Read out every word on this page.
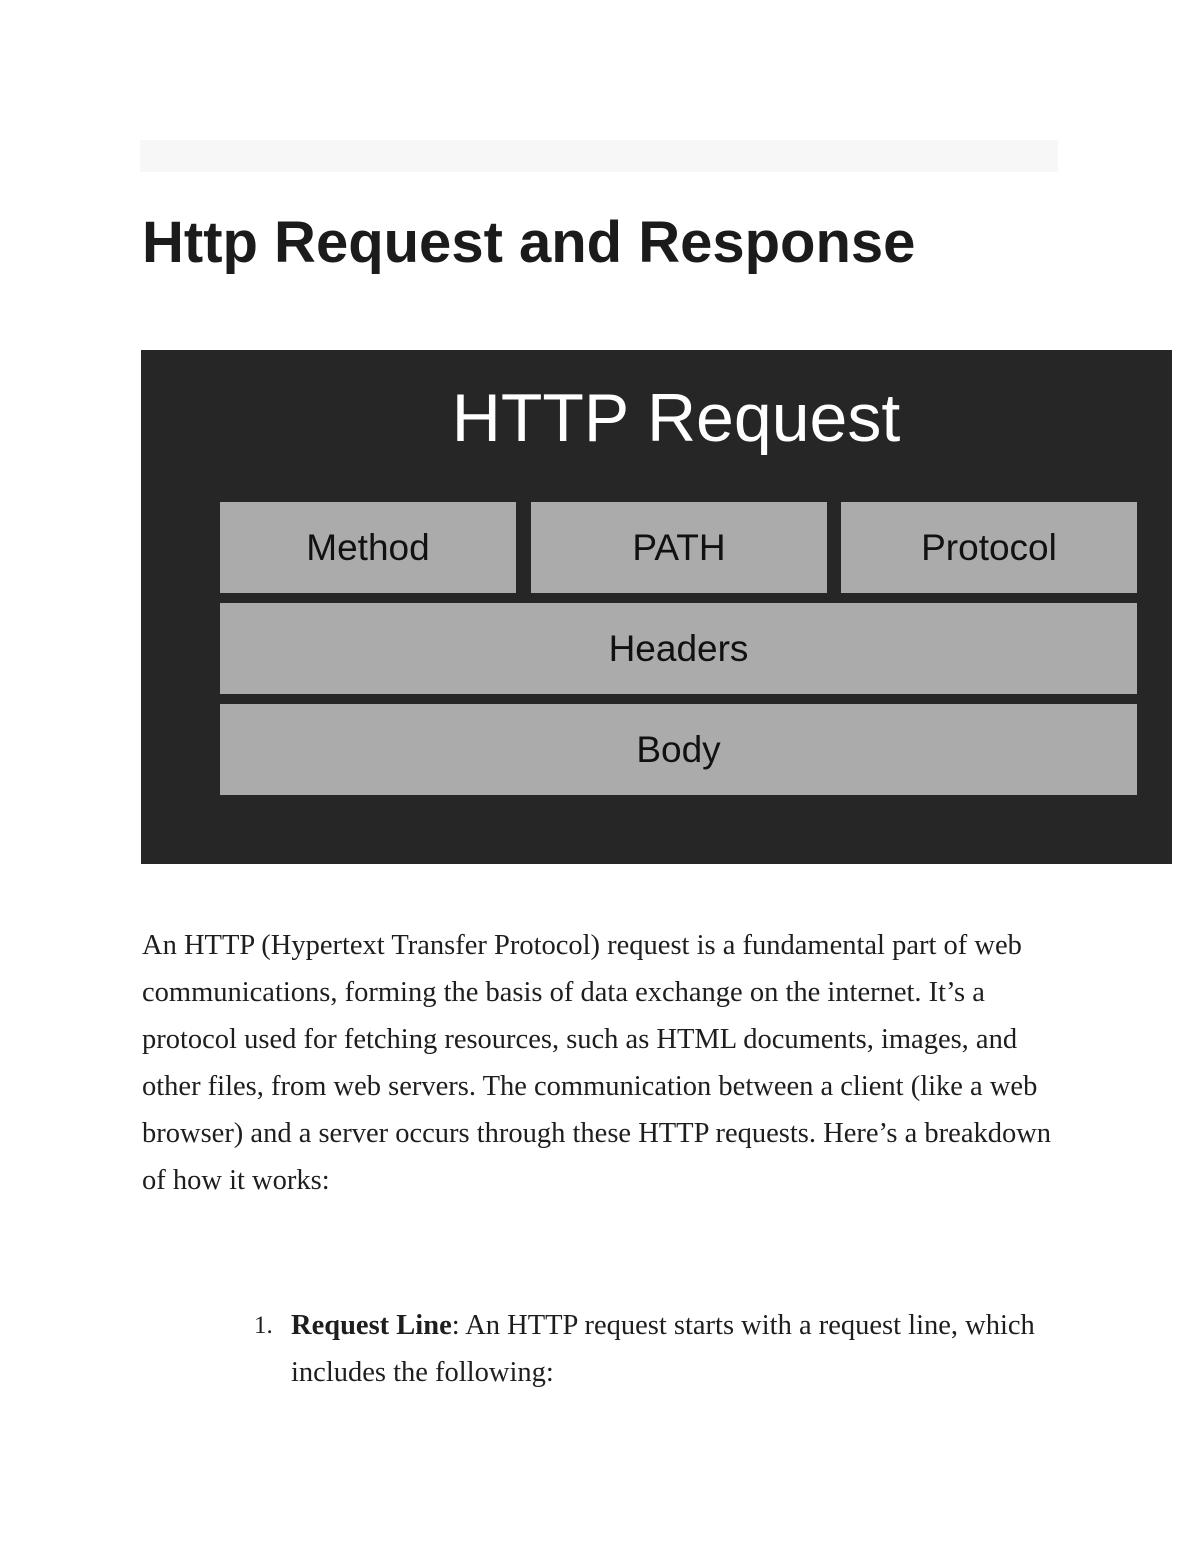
Http Request and Response
HTTP Request
Method	PATH	Protocol
Headers
Body

An HTTP (Hypertext Transfer Protocol) request is a fundamental part of web communications, forming the basis of data exchange on the internet. It’s a protocol used for fetching resources, such as HTML documents, images, and other files, from web servers. The communication between a client (like a web browser) and a server occurs through these HTTP requests. Here’s a breakdown of how it works:

1. Request Line: An HTTP request starts with a request line, which includes the following:
